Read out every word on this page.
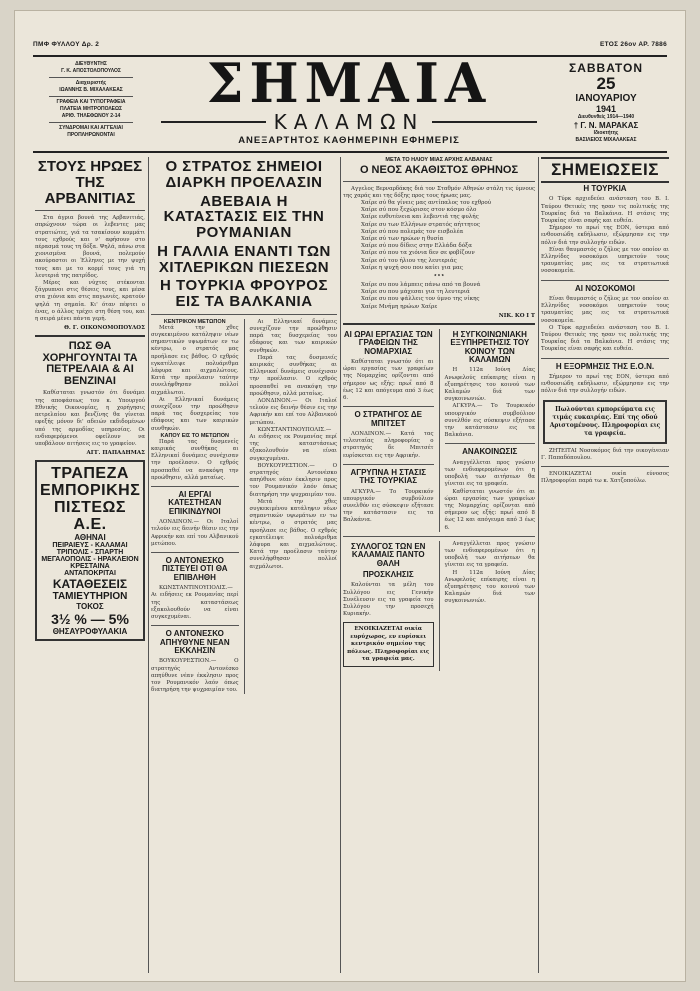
ΠΜΦ ΦΥΛΛΟΥ Δρ. 2	ΕΤΟΣ 26ον ΑΡ. 7886
ΔΙΕΥΘΥΝΤΗΣ
Γ. Κ. ΑΠΟΣΤΟΛΟΠΟΥΛΟΣ
Διαχειριστής
ΙΩΑΝΝΗΣ Β. ΜΙΧΑΛΑΚΕΑΣ
ΓΡΑΦΕΙΑ ΚΑΙ ΤΥΠΟΓΡΑΦΕΙΑ
ΠΛΑΤΕΙΑ ΜΗΤΡΟΠΟΛΕΩΣ
ΑΡΙΘ. ΤΗΛΕΦΩΝΟΥ 2-14
ΣΥΝΔΡΟΜΑΙ ΚΑΙ ΑΓΓΕΛΙΑΙ
ΠΡΟΠΛΗΡΩΝΟΝΤΑΙ
ΣΗΜΑΙΑ
ΚΑΛΑΜΩΝ
ΑΝΕΞΑΡΤΗΤΟΣ ΚΑΘΗΜΕΡΙΝΗ ΕΦΗΜΕΡΙΣ
ΣΑΒΒΑΤΟΝ
25
ΙΑΝΟΥΑΡΙΟΥ
1941
Διευθυνθείς 1914—1940
† Γ. Ν. ΜΑΡΑΚΑΣ
Ιδιοκτήτης
ΒΑΣΙΛΕΙΟΣ ΜΙΧΑΛΑΚΕΑΣ
ΣΤΟΥΣ ΗΡΩΕΣ ΤΗΣ ΑΡΒΑΝΙΤΙΑΣ

Στα άγρια βουνά της Αρβανιτιάς, σπρώχνουν τώρα οι λεβεντες μας στρατιώτες, γιά τα τσακίσουν κομμάτι τους εχθρούς και ν' αφήσουν στο πέρασμά τους τη δόξα. Ψηλά, πάνω στα χιονισμένα βουνά, πολεμούν ακούραστοι οι Έλληνες με την ψυχή τους και με το κορμί τους γιά τη λευτεριά της πατρίδος.

Μέρες και νύχτες στέκονται ξάγρυπνοι στις θέσεις τους, και μέσα στα χιόνια και στις παγωνιές, κρατούν ψηλά τη σημαία. Κι' όταν πέφτει ο ένας, ο άλλος τρέχει στη θέση του, και η σειρά μένει πάντα γερή.

Θ. Γ. ΟΙΚΟΝΟΜΟΠΟΥΛΟΣ
ΠΩΣ ΘΑ ΧΟΡΗΓΟΥΝΤΑΙ ΤΑ ΠΕΤΡΕΛΑΙΑ & ΑΙ ΒΕΝΖΙΝΑΙ

Καθίσταται γνωστόν ότι δυνάμει της αποφάσεως του κ. Υπουργού Εθνικής Οικονομίας, η χορήγησις πετρελαίου και βενζίνης θα γίνεται εφεξής μόνον δι' αδειών εκδιδομένων υπό της αρμοδίας υπηρεσίας. Οι ενδιαφερόμενοι οφείλουν να υποβάλουν αιτήσεις εις το γραφείον.

ΑΓΓ. ΠΑΠΑΔΗΜΑΣ
ΤΡΑΠΕΖΑ
ΕΜΠΟΡΙΚΗΣ
ΠΙΣΤΕΩΣ Α.Ε.
ΑΘΗΝΑΙ
ΠΕΙΡΑΙΕΥΣ - ΚΑΛΑΜΑΙ
ΤΡΙΠΟΛΙΣ - ΣΠΑΡΤΗ
ΜΕΓΑΛΟΠΟΛΙΣ - ΗΡΑΚΛΕΙΟΝ
ΚΡΕΣΤΑΙΝΑ
ΑΝΤΑΠΟΚΡΙΤΑΙ
ΚΑΤΑΘΕΣΕΙΣ
ΤΑΜΙΕΥΤΗΡΙΟΝ
ΤΟΚΟΣ
3½ % — 5%
ΘΗΣΑΥΡΟΦΥΛΑΚΙΑ
Ο ΣΤΡΑΤΟΣ ΣΗΜΕΙΟΙ ΔΙΑΡΚΗ ΠΡΟΕΛΑΣΙΝ
ΑΒΕΒΑΙΑ Η ΚΑΤΑΣΤΑΣΙΣ ΕΙΣ ΤΗΝ ΡΟΥΜΑΝΙΑΝ
Η ΓΑΛΛΙΑ ΕΝΑΝΤΙ ΤΩΝ ΧΙΤΛΕΡΙΚΩΝ ΠΙΕΣΕΩΝ
Η ΤΟΥΡΚΙΑ ΦΡΟΥΡΟΣ ΕΙΣ ΤΑ ΒΑΛΚΑΝΙΑ
ΚΕΝΤΡΙΚΟΝ ΜΕΤΩΠΟΝ

Μετά την χθες συγκεκιμένου κατάληψιν νέων σημαντικών υψωμάτων εν τω κέντρω, ο στρατός μας προήλασε εις βάθος. Ο εχθρός εγκατέλειψε πολυάριθμα λάφυρα και αιχμαλώτους. Κατά την προέλασιν ταύτην συνελήφθησαν πολλοί αιχμάλωτοι.

Αι Ελληνικαί δυνάμεις συνεχίζουν την προώθησιν παρά τας δυσχερείας του εδάφους και των καιρικών συνθηκών.

ΚΑΠΟΥ ΕΙΣ ΤΟ ΜΕΤΩΠΟΝ

Παρά τας δυσμενείς καιρικάς συνθήκας αι Ελληνικαί δυνάμεις συνέχισαν την προέλασιν. Ο εχθρός προσπαθεί να ανακόψη την προώθησιν, αλλά ματαίως.

ΑΙ ΕΡΓΑΙ ΚΑΤΕΣΤΗΣΑΝ ΕΠΙΚΙΝΔΥΝΟΙ

ΛΟΝΔΙΝΟΝ.— Οι Ιταλοί τελούν εις δεινήν θέσιν εις την Αφρικήν και επί του Αλβανικού μετώπου.

Ο ΑΝΤΟΝΕΣΚΟ ΠΙΣΤΕΥΕΙ ΟΤΙ ΘΑ ΕΠΙΒΛΗΘΗ

ΚΩΝΣΤΑΝΤΙΝΟΥΠΟΛΙΣ.— Αι ειδήσεις εκ Ρουμανίας περί της καταστάσεως εξακολουθούν να είναι συγκεχυμέναι.

Ο ΑΝΤΟΝΕΣΚΟ ΑΠΗΥΘΥΝΕ ΝΕΑΝ ΕΚΚΛΗΣΙΝ

ΒΟΥΚΟΥΡΕΣΤΙΟΝ.— Ο στρατηγός Αντονέσκο απηύθυνε νέαν έκκλησιν προς τον Ρουμανικόν λαόν όπως διατηρήση την ψυχραιμίαν του.

Αι Ελληνικαί δυνάμεις συνεχίζουν την προώθησιν παρά τας δυσχερείας του εδάφους και των καιρικών συνθηκών.

Παρά τας δυσμενείς καιρικάς συνθήκας αι Ελληνικαί δυνάμεις συνέχισαν την προέλασιν. Ο εχθρός προσπαθεί να ανακόψη την προώθησιν, αλλά ματαίως.

ΛΟΝΔΙΝΟΝ.— Οι Ιταλοί τελούν εις δεινήν θέσιν εις την Αφρικήν και επί του Αλβανικού μετώπου.

ΚΩΝΣΤΑΝΤΙΝΟΥΠΟΛΙΣ.— Αι ειδήσεις εκ Ρουμανίας περί της καταστάσεως εξακολουθούν να είναι συγκεχυμέναι.

ΒΟΥΚΟΥΡΕΣΤΙΟΝ.— Ο στρατηγός Αντονέσκο απηύθυνε νέαν έκκλησιν προς τον Ρουμανικόν λαόν όπως διατηρήση την ψυχραιμίαν του.

Μετά την χθες συγκεκιμένου κατάληψιν νέων σημαντικών υψωμάτων εν τω κέντρω, ο στρατός μας προήλασε εις βάθος. Ο εχθρός εγκατέλειψε πολυάριθμα λάφυρα και αιχμαλώτους. Κατά την προέλασιν ταύτην συνελήφθησαν πολλοί αιχμάλωτοι.

ΜΕΤΑ ΤΟ ΗΛΙΟΥ ΜΙΑΣ ΑΡΧΗΣ ΑΛΒΑΝΙΑΣ
Ο ΝΕΟΣ ΑΚΑΘΙΣΤΟΣ ΘΡΗΝΟΣ

Αγγελος Βερναρδάκης διά τον Σταθμόν Αθηνών στάλη τις ύμνους της χαράς και της δόξης προς τους ήρωας μας.

Χαίρε σύ θα γίνεις μας αντίπαλος του εχθρού
Χαίρε σύ που ξεχώρισες στον κόσμο όλο
Χαίρε ευθυτένεια και λεβεντιά της φυλής
Χαίρε συ των Ελλήνων στρατός αήττητος
Χαίρε σύ που πολεμάς τον εισβολέα
Χαίρε σύ των ηρώων η θυσία
Χαίρε σύ που δίδεις στην Ελλάδα δόξα
Χαίρε σύ που τα χιόνια δεν σε φοβίζουν
Χαίρε σύ του ήλιου της λευτεριάς
Χαίρε η ψυχή σου που καίει για μας
* * *
Χαίρε συ που λάμπεις πάνω από τα βουνά
Χαίρε συ που μάχεσαι για τη λευτεριά
Χαίρε συ που ψάλλεις τον ύμνο της νίκης
Χαίρε Μνήμη ηρώων Χαίρε
ΝΙΚ. ΚΟ Ι Τ
ΑΙ ΩΡΑΙ ΕΡΓΑΣΙΑΣ ΤΩΝ ΓΡΑΦΕΙΩΝ ΤΗΣ ΝΟΜΑΡΧΙΑΣ

Καθίσταται γνωστόν ότι αι ώραι εργασίας των γραφείων της Νομαρχίας ορίζονται από σήμερον ως εξής: πρωΐ από 8 έως 12 και απόγευμα από 3 έως 6.

Ο ΣΤΡΑΤΗΓΟΣ ΔΕ ΜΠΙΤΣΕΤ

ΛΟΝΔΙΝΟΝ.— Κατά τας τελευταίας πληροφορίας ο στρατηγός δε Μπιτσέτ ευρίσκεται εις την Αφρικήν.

ΑΓΡΥΠΝΑ Η ΣΤΑΣΙΣ ΤΗΣ ΤΟΥΡΚΙΑΣ

ΑΓΚΥΡΑ.— Το Τουρκικόν υπουργικόν συμβούλιον συνελθόν εις σύσκεψιν εξήτασε την κατάστασιν εις τα Βαλκάνια.

Η ΣΥΓΚΟΙΝΩΝΙΑΚΗ ΕΞΥΠΗΡΕΤΗΣΙΣ ΤΟΥ ΚΟΙΝΟΥ ΤΩΝ ΚΑΛΑΜΩΝ

Η 112α Ιούνη Δίας Ανωφελούς επίκαιρης είναι η εξυπηρέτησις του κοινού των Καλαμών διά των συγκοινωνιών.

ΑΓΚΥΡΑ.— Το Τουρκικόν υπουργικόν συμβούλιον συνελθόν εις σύσκεψιν εξήτασε την κατάστασιν εις τα Βαλκάνια.

ΑΝΑΚΟΙΝΩΣΙΣ

Αναγγέλλεται προς γνώσιν των ενδιαφερομένων ότι η υποβολή των αιτήσεων θα γίνεται εις τα γραφεία.

Καθίσταται γνωστόν ότι αι ώραι εργασίας των γραφείων της Νομαρχίας ορίζονται από σήμερον ως εξής: πρωΐ από 8 έως 12 και απόγευμα από 3 έως 6.

ΣΥΛΛΟΓΟΣ ΤΩΝ ΕΝ ΚΑΛΑΜΑΙΣ ΠΑΝΤΟ ΘΑΛΗ
ΠΡΟΣΚΛΗΣΙΣ

Καλούνται τα μέλη του Συλλόγου εις Γενικήν Συνέλευσιν εις τα γραφεία του Συλλόγου την προσεχή Κυριακήν.

ΕΝΟΙΚΙΑΖΕΤΑΙ οικία ευρύχωρος, εν ευρίσκει κεντρικόν σημείον της πόλεως. Πληροφορίαι εις τα γραφεία μας.

Αναγγέλλεται προς γνώσιν των ενδιαφερομένων ότι η υποβολή των αιτήσεων θα γίνεται εις τα γραφεία.

Η 112α Ιούνη Δίας Ανωφελούς επίκαιρης είναι η εξυπηρέτησις του κοινού των Καλαμών διά των συγκοινωνιών.

ΣΗΜΕΙΩΣΕΙΣ
Η ΤΟΥΡΚΙΑ

Ο Τύρκ αρχιεδεύει ανάσταση του Β. Ι. Ταύρου Θετικές της ησαν τις πολιτικής της Τουρκίας διά τα Βαλκάνια. Η στάσις της Τουρκίας είναι σαφής και ευθεία.

Σήμερον το πρωί της ΕΟΝ, ύστερα από ενθουσιώδη εκδήλωσιν, εξώρμησαν εις την πόλιν διά την συλλογήν ειδών.

Είναι θαυμαστός ο ζήλος με τον οποίον αι Ελληνίδες νοσοκόμοι υπηρετούν τους τραυματίας μας εις τα στρατιωτικά νοσοκομεία.

ΑΙ ΝΟΣΟΚΟΜΟΙ

Είναι θαυμαστός ο ζήλος με τον οποίον αι Ελληνίδες νοσοκόμοι υπηρετούν τους τραυματίας μας εις τα στρατιωτικά νοσοκομεία.

Ο Τύρκ αρχιεδεύει ανάσταση του Β. Ι. Ταύρου Θετικές της ησαν τις πολιτικής της Τουρκίας διά τα Βαλκάνια. Η στάσις της Τουρκίας είναι σαφής και ευθεία.

Η ΕΞΟΡΜΗΣΙΣ ΤΗΣ Ε.Ο.Ν.

Σήμερον το πρωί της ΕΟΝ, ύστερα από ενθουσιώδη εκδήλωσιν, εξώρμησαν εις την πόλιν διά την συλλογήν ειδών.

Πωλούνται εμπορεύματα εις τιμάς ευκαιρίας. Επί της οδού Αριστομένους. Πληροφορίαι εις τα γραφεία.

ΖΗΤΕΙΤΑΙ Νοσοκόμος διά την οικογένειαν Γ. Παπαδόπουλου.

ΕΝΟΙΚΙΑΖΕΤΑΙ οικία εύνοσος Πληροφορίαι παρά τω κ. Χατζοπούλω.
